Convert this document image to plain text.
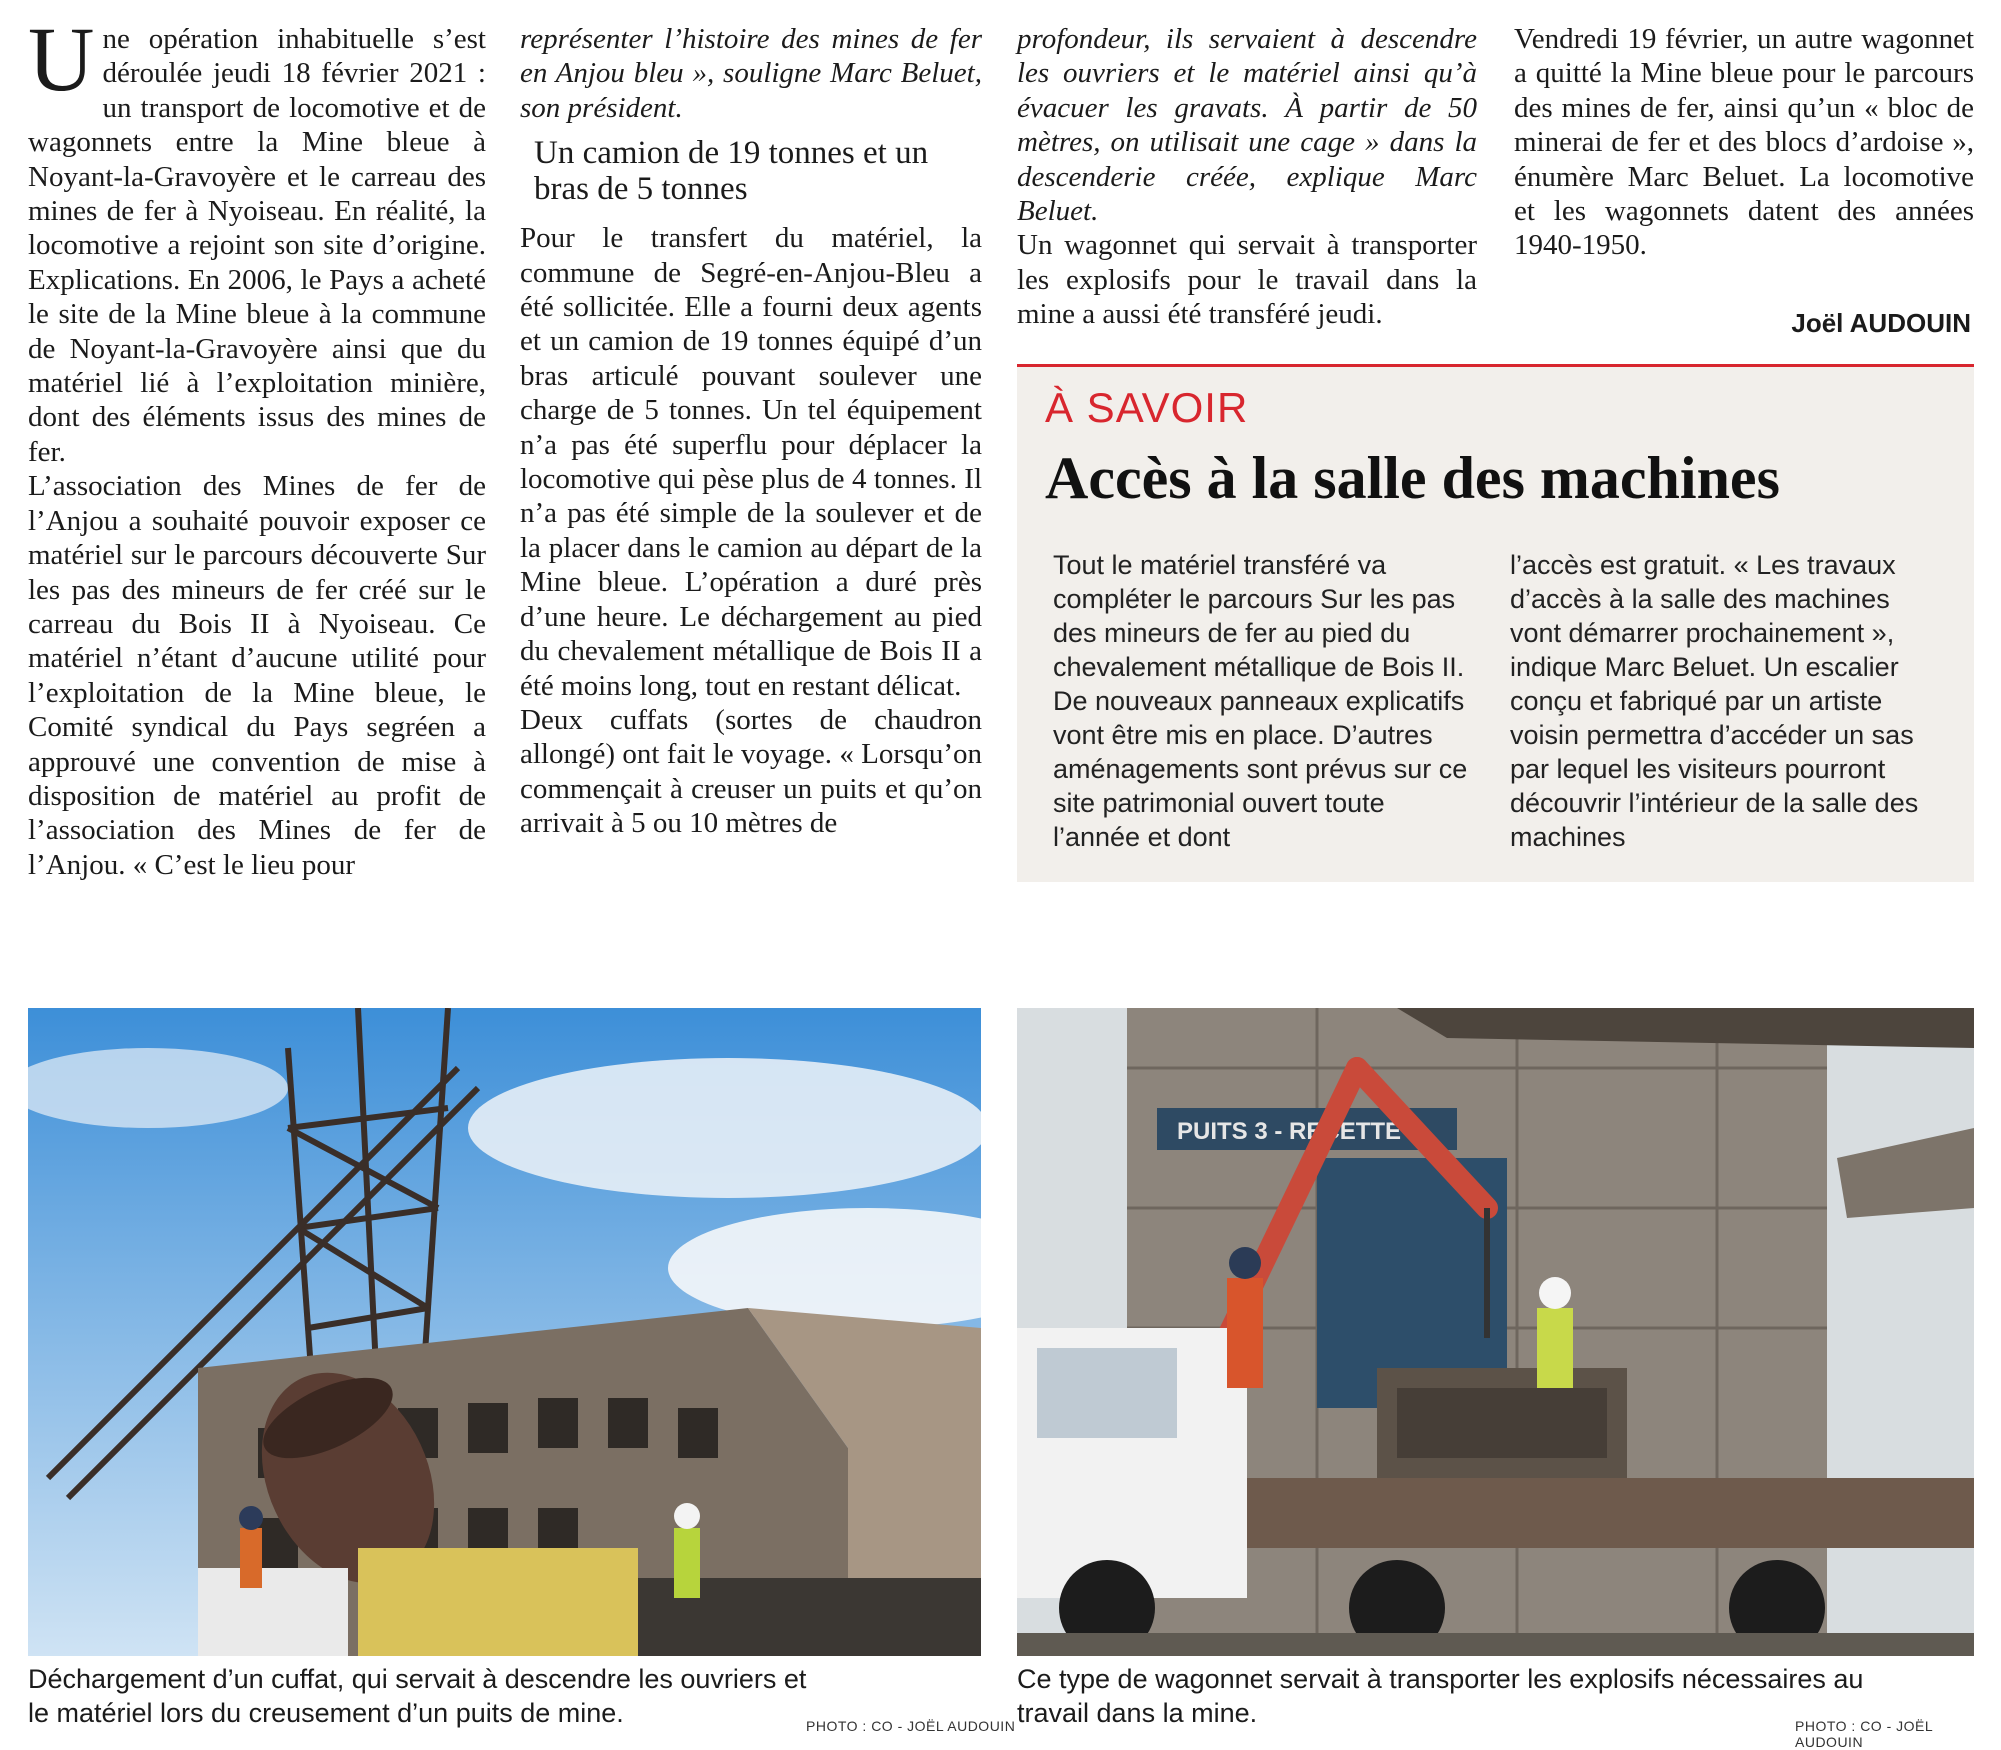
U ne opération inhabituelle s’est déroulée jeudi 18 février 2021 : un transport de locomotive et de wagonnets entre la Mine bleue à Noyant-la-Gravoyère et le carreau des mines de fer à Nyoiseau. En réalité, la locomotive a rejoint son site d’origine. Explications. En 2006, le Pays a acheté le site de la Mine bleue à la commune de Noyant-la-Gravoyère ainsi que du matériel lié à l’exploitation minière, dont des éléments issus des mines de fer.

L’association des Mines de fer de l’Anjou a souhaité pouvoir exposer ce matériel sur le parcours découverte Sur les pas des mineurs de fer créé sur le carreau du Bois II à Nyoiseau. Ce matériel n’étant d’aucune utilité pour l’exploitation de la Mine bleue, le Comité syndical du Pays segréen a approuvé une convention de mise à disposition de matériel au profit de l’association des Mines de fer de l’Anjou. « C’est le lieu pour

représenter l’histoire des mines de fer en Anjou bleu », souligne Marc Beluet, son président.

Un camion de 19 tonnes et un bras de 5 tonnes

Pour le transfert du matériel, la commune de Segré-en-Anjou-Bleu a été sollicitée. Elle a fourni deux agents et un camion de 19 tonnes équipé d’un bras articulé pouvant soulever une charge de 5 tonnes. Un tel équipement n’a pas été superflu pour déplacer la locomotive qui pèse plus de 4 tonnes. Il n’a pas été simple de la soulever et de la placer dans le camion au départ de la Mine bleue. L’opération a duré près d’une heure. Le déchargement au pied du chevalement métallique de Bois II a été moins long, tout en restant délicat.

Deux cuffats (sortes de chaudron allongé) ont fait le voyage. « Lorsqu’on commençait à creuser un puits et qu’on arrivait à 5 ou 10 mètres de

profondeur, ils servaient à descendre les ouvriers et le matériel ainsi qu’à évacuer les gravats. À partir de 50 mètres, on utilisait une cage » dans la descenderie créée, explique Marc Beluet.

Un wagonnet qui servait à transporter les explosifs pour le travail dans la mine a aussi été transféré jeudi.

Vendredi 19 février, un autre wagonnet a quitté la Mine bleue pour le parcours des mines de fer, ainsi qu’un « bloc de minerai de fer et des blocs d’ardoise », énumère Marc Beluet. La locomotive et les wagonnets datent des années 1940-1950.

Joël AUDOUIN
À SAVOIR
Accès à la salle des machines

Tout le matériel transféré va compléter le parcours Sur les pas des mineurs de fer au pied du chevalement métallique de Bois II. De nouveaux panneaux explicatifs vont être mis en place. D’autres aménagements sont prévus sur ce site patrimonial ouvert toute l’année et dont

l’accès est gratuit. « Les travaux d’accès à la salle des machines vont démarrer prochainement », indique Marc Beluet. Un escalier conçu et fabriqué par un artiste voisin permettra d’accéder un sas par lequel les visiteurs pourront découvrir l’intérieur de la salle des machines

PUITS 3 - RECETTE
Déchargement d’un cuffat, qui servait à descendre les ouvriers et le matériel lors du creusement d’un puits de mine.	PHOTO : CO - JOËL AUDOUIN
Ce type de wagonnet servait à transporter les explosifs nécessaires au travail dans la mine.	PHOTO : CO - JOËL AUDOUIN
